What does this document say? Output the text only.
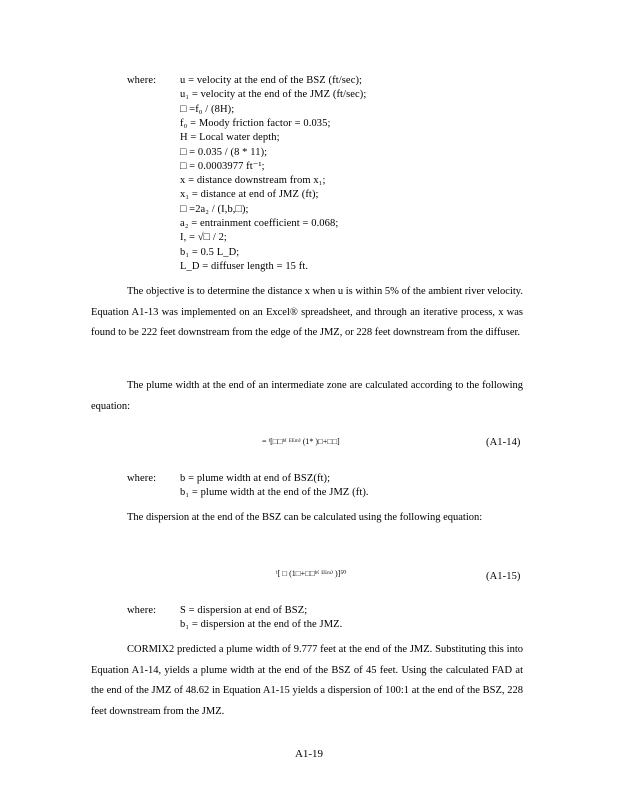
where: u = velocity at the end of the BSZ (ft/sec);
u₁ = velocity at the end of the JMZ (ft/sec);
□ =f₀ / (8H);
f₀ = Moody friction factor = 0.035;
H = Local water depth;
□ = 0.035 / (8 * 11);
□ = 0.0003977 ft⁻¹;
x = distance downstream from x₁;
x₁ = distance at end of JMZ (ft);
□ =2a₂ / (I,b,□);
a₂ = entrainment coefficient = 0.068;
I, = √□ / 2;
b₁ = 0.5 L_D;
L_D = diffuser length = 15 ft.
The objective is to determine the distance x when u is within 5% of the ambient river velocity. Equation A1-13 was implemented on an Excel® spreadsheet, and through an iterative process, x was found to be 222 feet downstream from the edge of the JMZ, or 228 feet downstream from the diffuser.
The plume width at the end of an intermediate zone are calculated according to the following equation:
= ⁱ[□□ᵇ⁽ ᴱᴱᵐ⁾ (1* )□+□□]	(A1-14)
where: b = plume width at end of BSZ(ft);
b₁ = plume width at the end of the JMZ (ft).
The dispersion at the end of the BSZ can be calculated using the following equation:
ⁱ[ □ (1□+□□ᵇ⁽ ᴱᴱᵐ⁾ )]⁵⁰	(A1-15)
where: S = dispersion at end of BSZ;
b₁ = dispersion at the end of the JMZ.
CORMIX2 predicted a plume width of 9.777 feet at the end of the JMZ. Substituting this into Equation A1-14, yields a plume width at the end of the BSZ of 45 feet. Using the calculated FAD at the end of the JMZ of 48.62 in Equation A1-15 yields a dispersion of 100:1 at the end of the BSZ, 228 feet downstream from the JMZ.
A1-19
